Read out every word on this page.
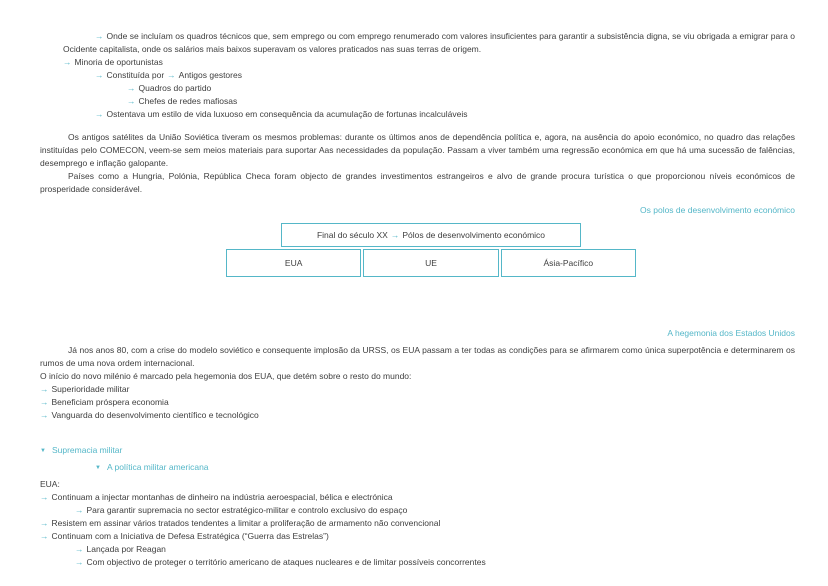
→ Onde se incluíam os quadros técnicos que, sem emprego ou com emprego renumerado com valores insuficientes para garantir a subsistência digna, se viu obrigada a emigrar para o Ocidente capitalista, onde os salários mais baixos superavam os valores praticados nas suas terras de origem.
→ Minoria de oportunistas
→ Constituída por → Antigos gestores
→ Quadros do partido
→ Chefes de redes mafiosas
→ Ostentava um estilo de vida luxuoso em consequência da acumulação de fortunas incalculáveis

Os antigos satélites da União Soviética tiveram os mesmos problemas: durante os últimos anos de dependência política e, agora, na ausência do apoio económico, no quadro das relações instituídas pelo COMECON, veem-se sem meios materiais para suportar Aas necessidades da população. Passam a viver também uma regressão económica em que há uma sucessão de falências, desemprego e inflação galopante.

Países como a Hungria, Polónia, República Checa foram objecto de grandes investimentos estrangeiros e alvo de grande procura turística o que proporcionou níveis económicos de prosperidade considerável.

Os polos de desenvolvimento económico
Final do século XX → Pólos de desenvolvimento económico
EUA	UE	Ásia-Pacífico
A hegemonia dos Estados Unidos

Já nos anos 80, com a crise do modelo soviético e consequente implosão da URSS, os EUA passam a ter todas as condições para se afirmarem como única superpotência e determinarem os rumos de uma nova ordem internacional.

O início do novo milénio é marcado pela hegemonia dos EUA, que detém sobre o resto do mundo:
→ Superioridade militar
→ Beneficiam próspera economia
→ Vanguarda do desenvolvimento científico e tecnológico
▼ Supremacia militar
▼ A política militar americana
EUA:
→ Continuam a injectar montanhas de dinheiro na indústria aeroespacial, bélica e electrónica
→ Para garantir supremacia no sector estratégico-militar e controlo exclusivo do espaço
→ Resistem em assinar vários tratados tendentes a limitar a proliferação de armamento não convencional
→ Continuam com a Iniciativa de Defesa Estratégica (“Guerra das Estrelas”)
→ Lançada por Reagan
→ Com objectivo de proteger o território americano de ataques nucleares e de limitar possíveis concorrentes
